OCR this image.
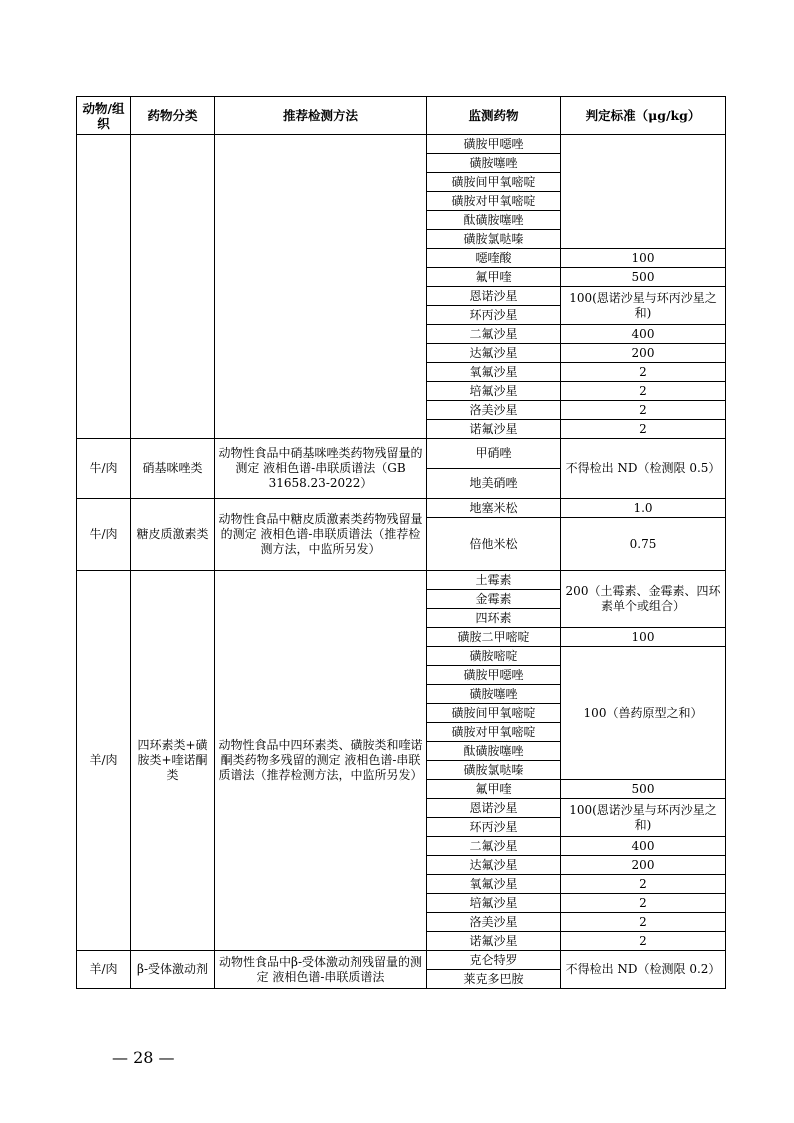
动物/组织	药物分类	推荐检测方法	监测药物	判定标准（μg/kg）
			磺胺甲噁唑	
			磺胺噻唑	
			磺胺间甲氧嘧啶	
			磺胺对甲氧嘧啶	
			酞磺胺噻唑	
			磺胺氯哒嗪	
			噁喹酸	100
			氟甲喹	500
			恩诺沙星	100(恩诺沙星与环丙沙星之和)
			环丙沙星	
			二氟沙星	400
			达氟沙星	200
			氧氟沙星	2
			培氟沙星	2
			洛美沙星	2
			诺氟沙星	2
牛/肉	硝基咪唑类	动物性食品中硝基咪唑类药物残留量的测定 液相色谱-串联质谱法（GB 31658.23-2022）	甲硝唑	不得检出 ND（检测限 0.5）
			地美硝唑	
牛/肉	糖皮质激素类	动物性食品中糖皮质激素类药物残留量的测定 液相色谱-串联质谱法（推荐检测方法，中监所另发）	地塞米松	1.0
			倍他米松	0.75
羊/肉	四环素类+磺胺类+喹诺酮类	动物性食品中四环素类、磺胺类和喹诺酮类药物多残留的测定 液相色谱-串联质谱法（推荐检测方法，中监所另发）	土霉素	200（土霉素、金霉素、四环素单个或组合）
			金霉素	
			四环素	
			磺胺二甲嘧啶	100
			磺胺嘧啶	100（兽药原型之和）
			磺胺甲噁唑	
			磺胺噻唑	
			磺胺间甲氧嘧啶	
			磺胺对甲氧嘧啶	
			酞磺胺噻唑	
			磺胺氯哒嗪	
			氟甲喹	500
			恩诺沙星	100(恩诺沙星与环丙沙星之和)
			环丙沙星	
			二氟沙星	400
			达氟沙星	200
			氧氟沙星	2
			培氟沙星	2
			洛美沙星	2
			诺氟沙星	2
羊/肉	β-受体激动剂	动物性食品中β-受体激动剂残留量的测定 液相色谱-串联质谱法	克仑特罗	不得检出 ND（检测限 0.2）
			莱克多巴胺	
— 28 —
